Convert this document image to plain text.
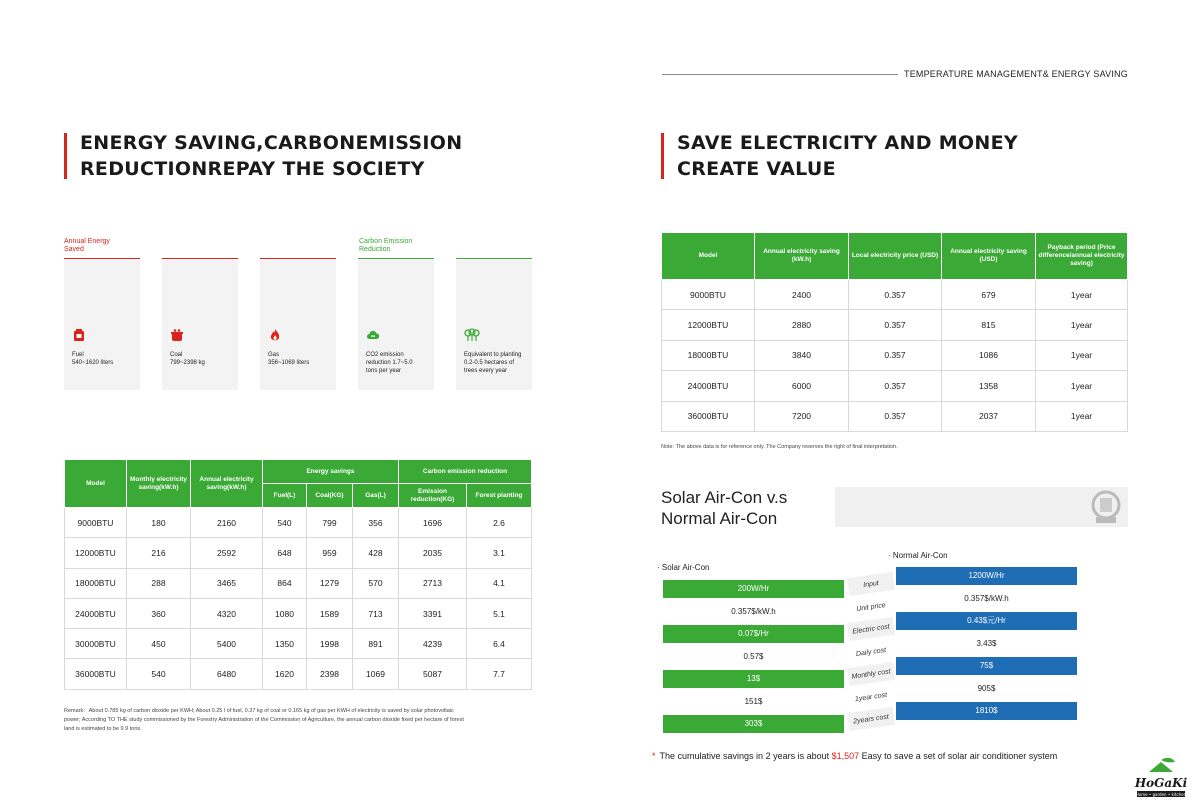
TEMPERATURE MANAGEMENT& ENERGY SAVING
ENERGY SAVING,CARBONEMISSION
REDUCTIONREPAY THE SOCIETY
SAVE ELECTRICITY AND MONEY
CREATE VALUE
Annual Energy
Saved
Carbon Emission
Reduction
Fuel
540~1620 liters
Coal
799~2398 kg
Gas
356~1069 liters
CO2 emission
reduction 1.7~5.0
tons per year
Equivalent to planting
0.2-0.5 hectares of
trees every year
Model	Monthly electricity saving(kW.h)	Annual electricity saving(kW.h)	Energy savings			Carbon emission reduction	
			Fuel(L)	Coal(KG)	Gas(L)	Emission reduction(KG)	Forest planting
9000BTU	180	2160	540	799	356	1696	2.6
12000BTU	216	2592	648	959	428	2035	3.1
18000BTU	288	3465	864	1279	570	2713	4.1
24000BTU	360	4320	1080	1589	713	3391	5.1
30000BTU	450	5400	1350	1998	891	4239	6.4
36000BTU	540	6480	1620	2398	1069	5087	7.7
Remark：About 0.785 kg of carbon dioxide per KWH; About 0.25 l of fuel, 0.37 kg of coal or 0.165 kg of gas per KWH of electricity is saved by solar photovoltaic power; According TO THE study commissioned by the Forestry Administration of the Commission of Agriculture, the annual carbon dioxide fixed per hectare of forest land is estimated to be 9.9 tons.
Model	Annual electricity saving (kW.h)	Local electricity price (USD)	Annual electricity saving (USD)	Payback period (Price difference/annual electricity saving)
9000BTU	2400	0.357	679	1year
12000BTU	2880	0.357	815	1year
18000BTU	3840	0.357	1086	1year
24000BTU	6000	0.357	1358	1year
36000BTU	7200	0.357	2037	1year
Note: The above data is for reference only. The Company reserves the right of final interpretation.
Solar Air-Con v.s
Normal Air-Con
· Normal Air-Con
· Solar Air-Con
200W/Hr	Input
1200W/Hr
0.357$/kW.h	Unit price
0.357$/kW.h
0.07$/Hr	Electric cost
0.43$元/Hr
0.57$	Daily cost
3.43$
13$	Monthly cost
75$
151$	1year cost
905$
303$	2years cost
1810$
* The cumulative savings in 2 years is about $1,507 Easy to save a set of solar air conditioner system
HoGaKi
Home • garden • kitchen
